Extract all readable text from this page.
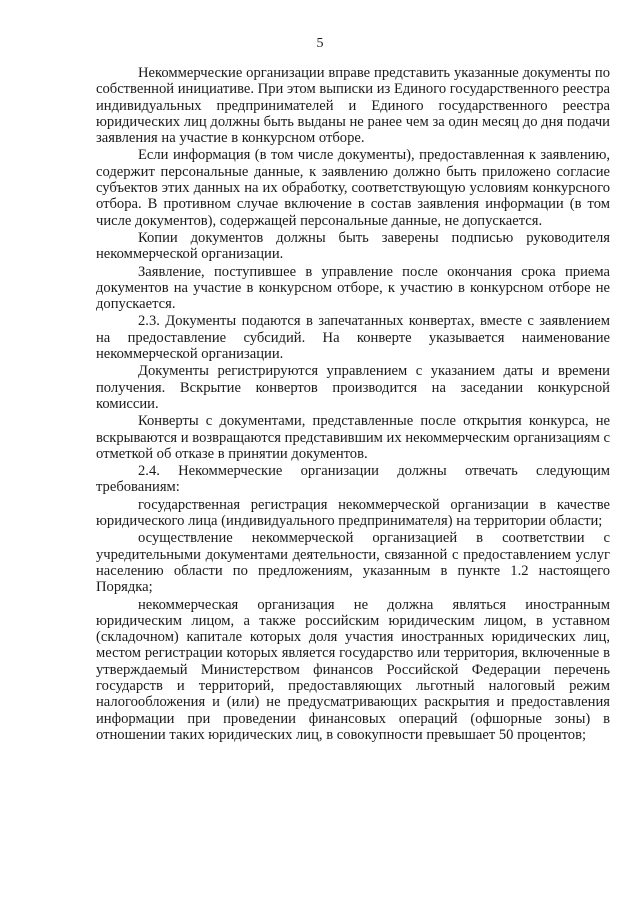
5

Некоммерческие организации вправе представить указанные документы по собственной инициативе. При этом выписки из Единого государственного реестра индивидуальных предпринимателей и Единого государственного реестра юридических лиц должны быть выданы не ранее чем за один месяц до дня подачи заявления на участие в конкурсном отборе.

Если информация (в том числе документы), предоставленная к заявлению, содержит персональные данные, к заявлению должно быть приложено согласие субъектов этих данных на их обработку, соответствующую условиям конкурсного отбора. В противном случае включение в состав заявления информации (в том числе документов), содержащей персональные данные, не допускается.

Копии документов должны быть заверены подписью руководителя некоммерческой организации.

Заявление, поступившее в управление после окончания срока приема документов на участие в конкурсном отборе, к участию в конкурсном отборе не допускается.

2.3. Документы подаются в запечатанных конвертах, вместе с заявлением на предоставление субсидий. На конверте указывается наименование некоммерческой организации.

Документы регистрируются управлением с указанием даты и времени получения. Вскрытие конвертов производится на заседании конкурсной комиссии.

Конверты с документами, представленные после открытия конкурса, не вскрываются и возвращаются представившим их некоммерческим организациям с отметкой об отказе в принятии документов.

2.4. Некоммерческие организации должны отвечать следующим требованиям:

государственная регистрация некоммерческой организации в качестве юридического лица (индивидуального предпринимателя) на территории области;

осуществление некоммерческой организацией в соответствии с учредительными документами деятельности, связанной с предоставлением услуг населению области по предложениям, указанным в пункте 1.2 настоящего Порядка;

некоммерческая организация не должна являться иностранным юридическим лицом, а также российским юридическим лицом, в уставном (складочном) капитале которых доля участия иностранных юридических лиц, местом регистрации которых является государство или территория, включенные в утверждаемый Министерством финансов Российской Федерации перечень государств и территорий, предоставляющих льготный налоговый режим налогообложения и (или) не предусматривающих раскрытия и предоставления информации при проведении финансовых операций (офшорные зоны) в отношении таких юридических лиц, в совокупности превышает 50 процентов;
